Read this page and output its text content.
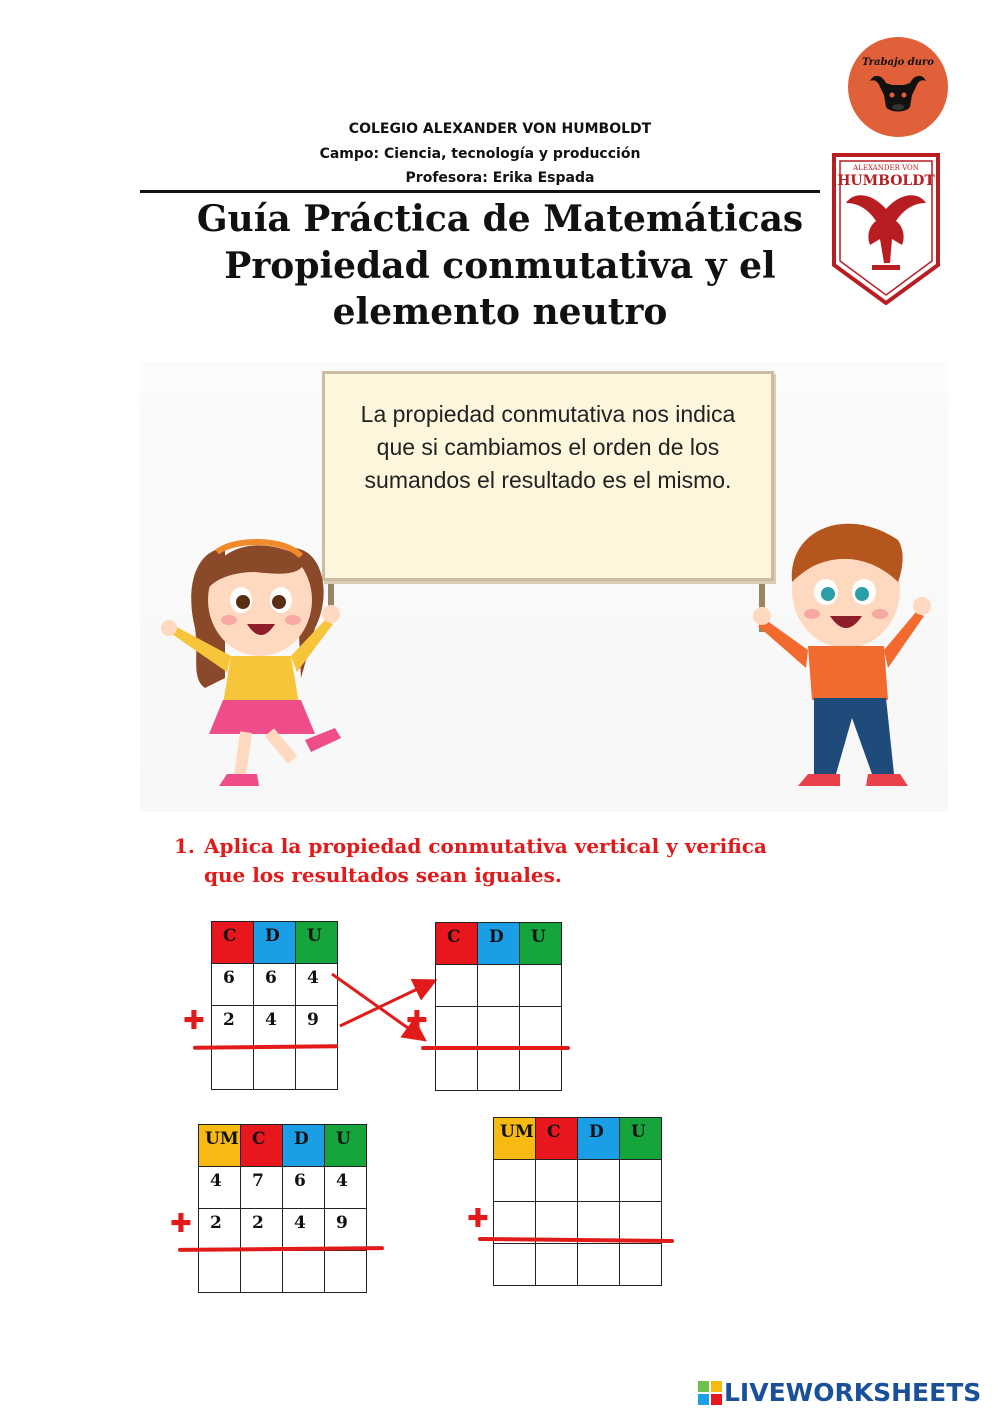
COLEGIO ALEXANDER VON HUMBOLDT
Campo: Ciencia, tecnología y producción
Profesora: Erika Espada
Trabajo duro
ALEXANDER VON
HUMBOLDT
Guía Práctica de Matemáticas
Propiedad conmutativa y el
elemento neutro
La propiedad conmutativa nos indica que si cambiamos el orden de los sumandos el resultado es el mismo.
1. Aplica la propiedad conmutativa vertical y verifica
que los resultados sean iguales.
C	D	U

6	6	4

2	4	9

✚
C	D	U

✚
UM	C	D	U

4	7	6	4

2	2	4	9

✚
UM	C	D	U

✚
LIVEWORKSHEETS
